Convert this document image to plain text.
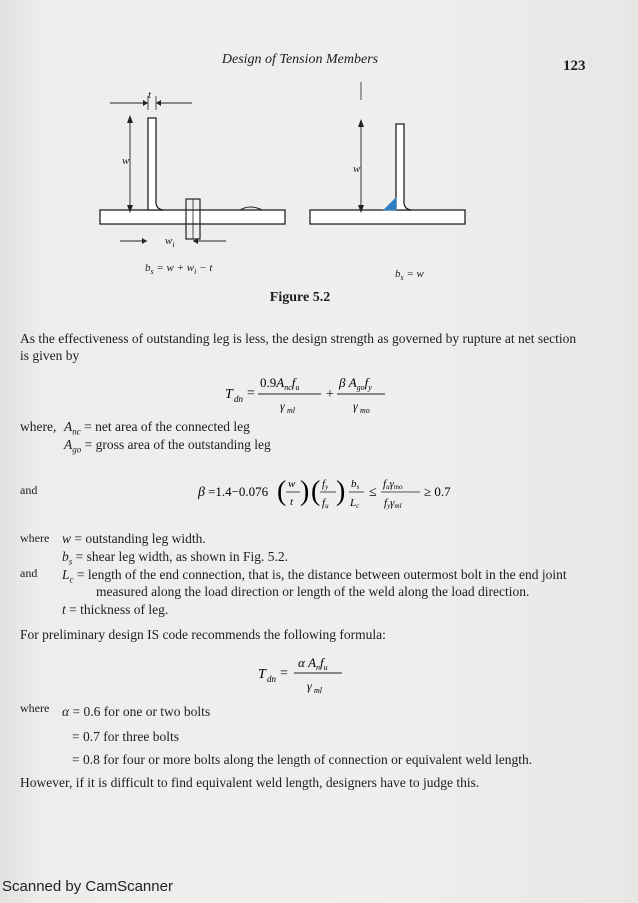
Design of Tension Members	123
t
w
$w_i$
w
$b_s = w + w_i - t$	$b_s = w$
Figure 5.2
As the effectiveness of outstanding leg is less, the design strength as governed by rupture at net section
is given by
T dn =
$0.9A_{nc}f_u$
γ ml
+
β $A_{go}f_y$
γ mo
where, $A_{nc}$ = net area of the connected leg
$A_{go}$ = gross area of the outstanding leg
and	β =1.4−0.076 ( w
t ) ( fy
fu ) bs
Lc
≤
fuγmo
fyγml
≥ 0.7
where w = outstanding leg width.
$b_s$ = shear leg width, as shown in Fig. 5.2.
and $L_c$ = length of the end connection, that is, the distance between outermost bolt in the end joint
measured along the load direction or length of the weld along the load direction.
t = thickness of leg.
For preliminary design IS code recommends the following formula:
T dn =
α $A_nf_u$
γ ml
where α = 0.6 for one or two bolts
= 0.7 for three bolts
= 0.8 for four or more bolts along the length of connection or equivalent weld length.
However, if it is difficult to find equivalent weld length, designers have to judge this.
Scanned by CamScanner
